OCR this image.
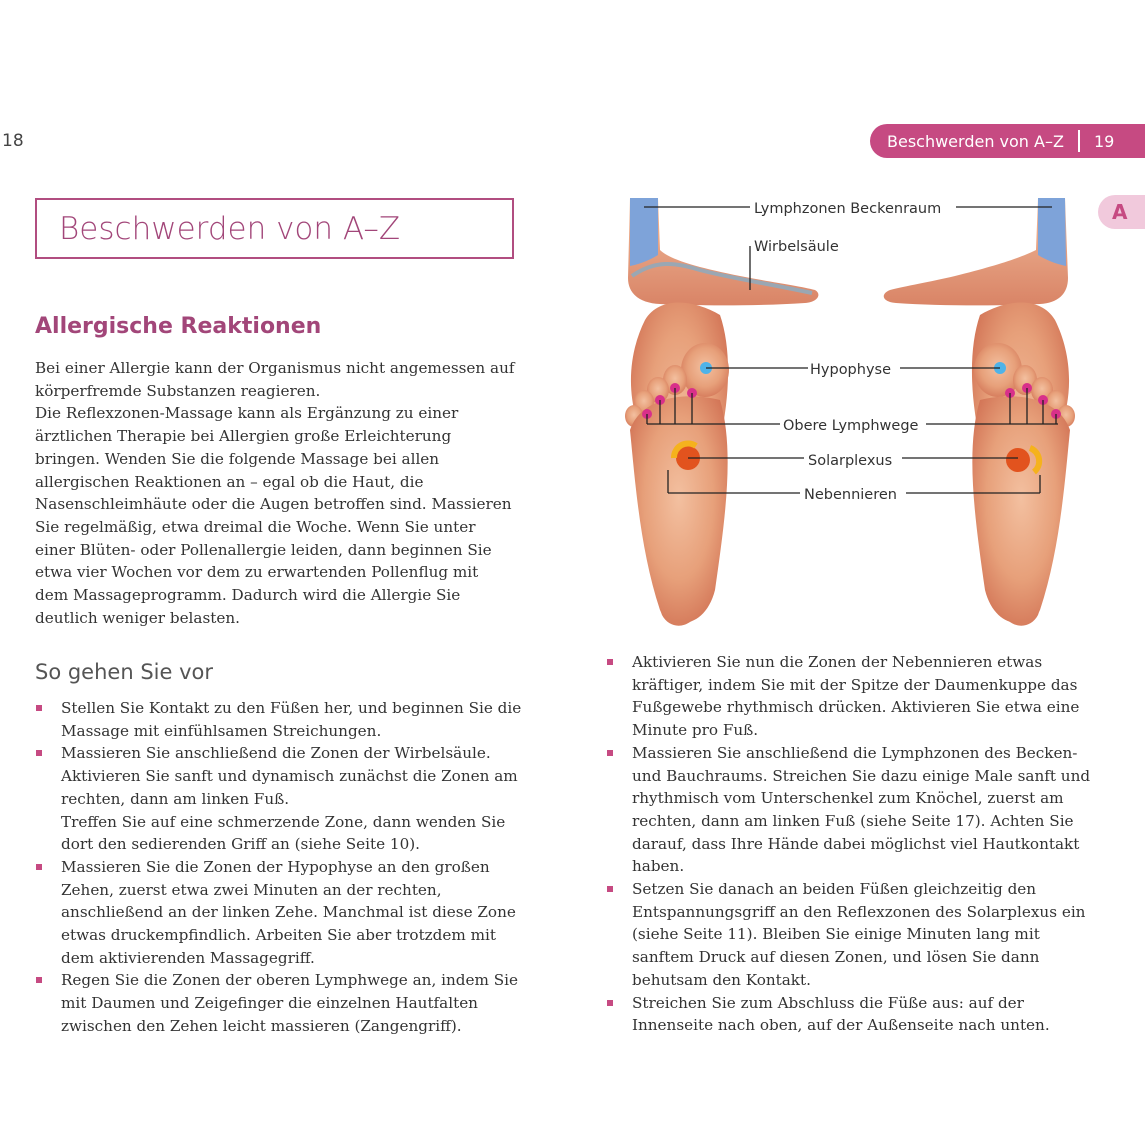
18	Beschwerden von A–Z 19
A
Beschwerden von A–Z
Allergische Reaktionen

Bei einer Allergie kann der Organismus nicht angemessen auf körperfremde Substanzen reagieren.

Die Reflexzonen-Massage kann als Ergänzung zu einer ärztlichen Therapie bei Allergien große Erleichterung bringen. Wenden Sie die folgende Massage bei allen allergischen Reaktionen an – egal ob die Haut, die Nasenschleimhäute oder die Augen betroffen sind. Massieren Sie regelmäßig, etwa dreimal die Woche. Wenn Sie unter einer Blüten- oder Pollenallergie leiden, dann beginnen Sie etwa vier Wochen vor dem zu erwartenden Pollenflug mit dem Massageprogramm. Dadurch wird die Allergie Sie deutlich weniger belasten.

So gehen Sie vor
Stellen Sie Kontakt zu den Füßen her, und beginnen Sie die Massage mit einfühlsamen Streichungen.
Massieren Sie anschließend die Zonen der Wirbelsäule. Aktivieren Sie sanft und dynamisch zunächst die Zonen am rechten, dann am linken Fuß.
Treffen Sie auf eine schmerzende Zone, dann wenden Sie dort den sedierenden Griff an (siehe Seite 10).
Massieren Sie die Zonen der Hypophyse an den großen Zehen, zuerst etwa zwei Minuten an der rechten, anschließend an der linken Zehe. Manchmal ist diese Zone etwas druckempfindlich. Arbeiten Sie aber trotzdem mit dem aktivierenden Massagegriff.
Regen Sie die Zonen der oberen Lymphwege an, indem Sie mit Daumen und Zeigefinger die einzelnen Hautfalten zwischen den Zehen leicht massieren (Zangengriff).
Aktivieren Sie nun die Zonen der Nebennieren etwas kräftiger, indem Sie mit der Spitze der Daumenkuppe das Fußgewebe rhythmisch drücken. Aktivieren Sie etwa eine Minute pro Fuß.
Massieren Sie anschließend die Lymphzonen des Becken- und Bauchraums. Streichen Sie dazu einige Male sanft und rhythmisch vom Unterschenkel zum Knöchel, zuerst am rechten, dann am linken Fuß (siehe Seite 17). Achten Sie darauf, dass Ihre Hände dabei möglichst viel Hautkontakt haben.
Setzen Sie danach an beiden Füßen gleichzeitig den Entspannungsgriff an den Reflexzonen des Solarplexus ein (siehe Seite 11). Bleiben Sie einige Minuten lang mit sanftem Druck auf diesen Zonen, und lösen Sie dann behutsam den Kontakt.
Streichen Sie zum Abschluss die Füße aus: auf der Innenseite nach oben, auf der Außenseite nach unten.
Lymphzonen Beckenraum
Wirbelsäule
Hypophyse
Obere Lymphwege
Solarplexus
Nebennieren
